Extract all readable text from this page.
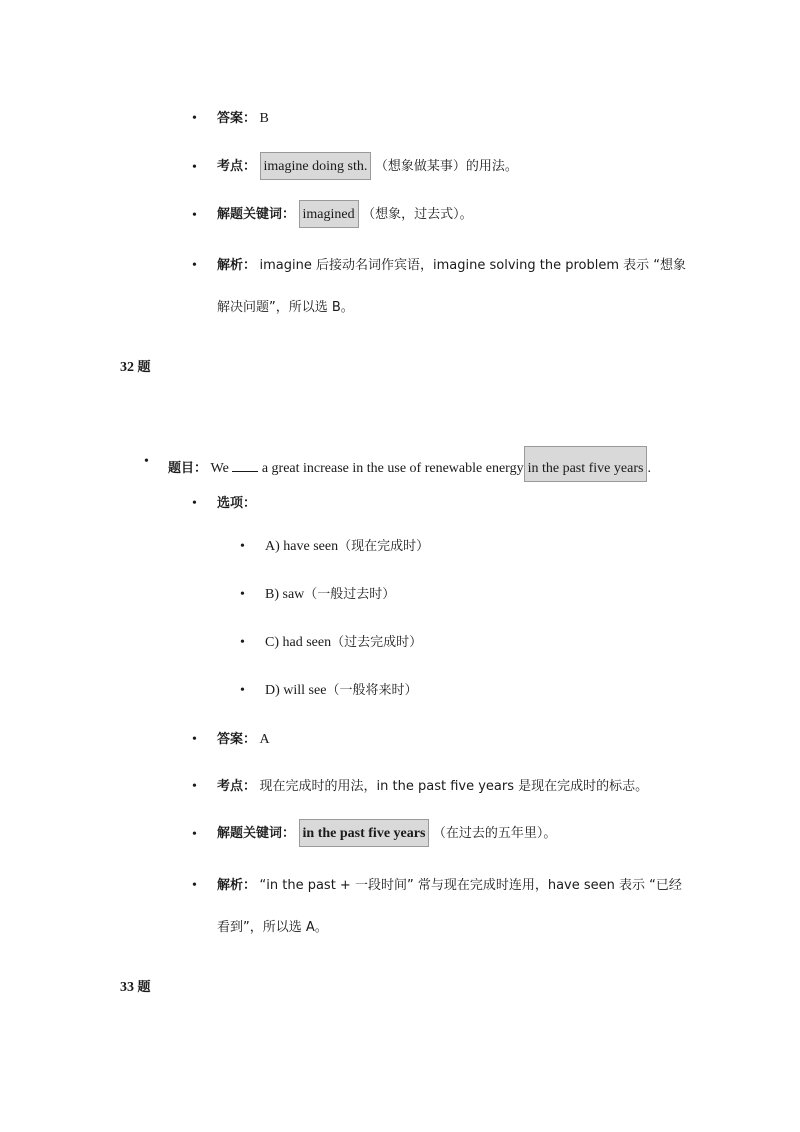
• 答案： B
• 考点： imagine doing sth. （想象做某事）的用法。
• 解题关键词： imagined （想象，过去式）。
• 解析： imagine 后接动名词作宾语，imagine solving the problem 表示 “想象
解决问题”，所以选 B。
32 题
• 题目： We a great increase in the use of renewable energy in the past five years .
• 选项：
• A) have seen（现在完成时）
• B) saw（一般过去时）
• C) had seen（过去完成时）
• D) will see（一般将来时）
• 答案： A
• 考点： 现在完成时的用法，in the past five years 是现在完成时的标志。
• 解题关键词： in the past five years （在过去的五年里）。
• 解析： “in the past + 一段时间” 常与现在完成时连用，have seen 表示 “已经
看到”，所以选 A。
33 题
